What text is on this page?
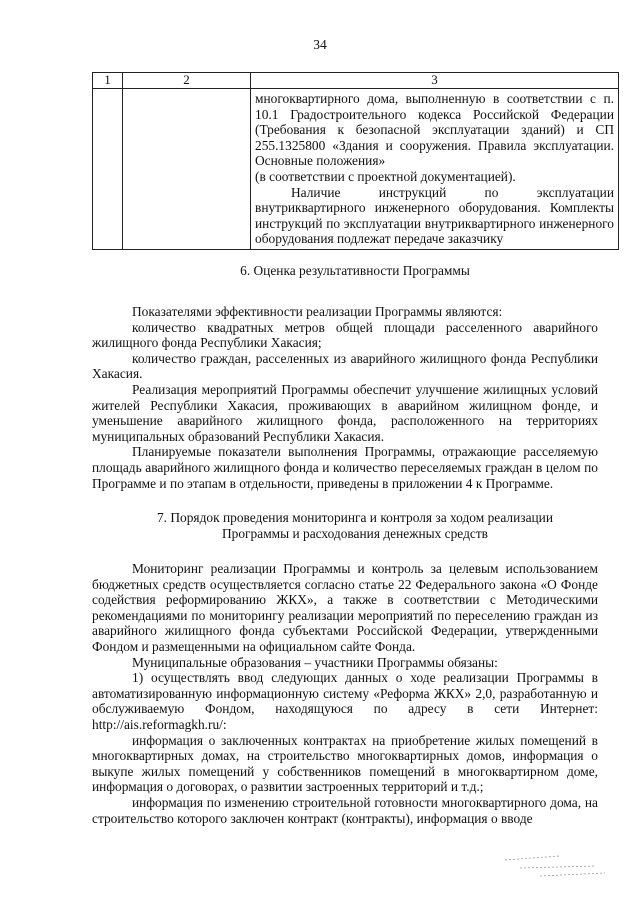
34
1	2	3

		многоквартирного дома, выполненную в соответствии с п. 10.1 Градостроительного кодекса Российской Федерации (Требования к безопасной эксплуатации зданий) и СП 255.1325800 «Здания и сооружения. Правила эксплуатации. Основные положения»

(в соответствии с проектной документацией).

Наличие инструкций по эксплуатации внутриквартирного инженерного оборудования. Комплекты инструкций по эксплуатации внутриквартирного инженерного оборудования подлежат передаче заказчику

6. Оценка результативности Программы

Показателями эффективности реализации Программы являются:

количество квадратных метров общей площади расселенного аварийного жилищного фонда Республики Хакасия;

количество граждан, расселенных из аварийного жилищного фонда Республики Хакасия.

Реализация мероприятий Программы обеспечит улучшение жилищных условий жителей Республики Хакасия, проживающих в аварийном жилищном фонде, и уменьшение аварийного жилищного фонда, расположенного на территориях муниципальных образований Республики Хакасия.

Планируемые показатели выполнения Программы, отражающие расселяемую площадь аварийного жилищного фонда и количество переселяемых граждан в целом по Программе и по этапам в отдельности, приведены в приложении 4 к Программе.

7. Порядок проведения мониторинга и контроля за ходом реализации
Программы и расходования денежных средств

Мониторинг реализации Программы и контроль за целевым использованием бюджетных средств осуществляется согласно статье 22 Федерального закона «О Фонде содействия реформированию ЖКХ», а также в соответствии с Методическими рекомендациями по мониторингу реализации мероприятий по переселению граждан из аварийного жилищного фонда субъектами Российской Федерации, утвержденными Фондом и размещенными на официальном сайте Фонда.

Муниципальные образования – участники Программы обязаны:

1) осуществлять ввод следующих данных о ходе реализации Программы в автоматизированную информационную систему «Реформа ЖКХ» 2,0, разработанную и обслуживаемую Фондом, находящуюся по адресу в сети Интернет: http://ais.reformagkh.ru/:

информация о заключенных контрактах на приобретение жилых помещений в многоквартирных домах, на строительство многоквартирных домов, информация о выкупе жилых помещений у собственников помещений в многоквартирном доме, информация о договорах, о развитии застроенных территорий и т.д.;

информация по изменению строительной готовности многоквартирного дома, на строительство которого заключен контракт (контракты), информация о вводе
